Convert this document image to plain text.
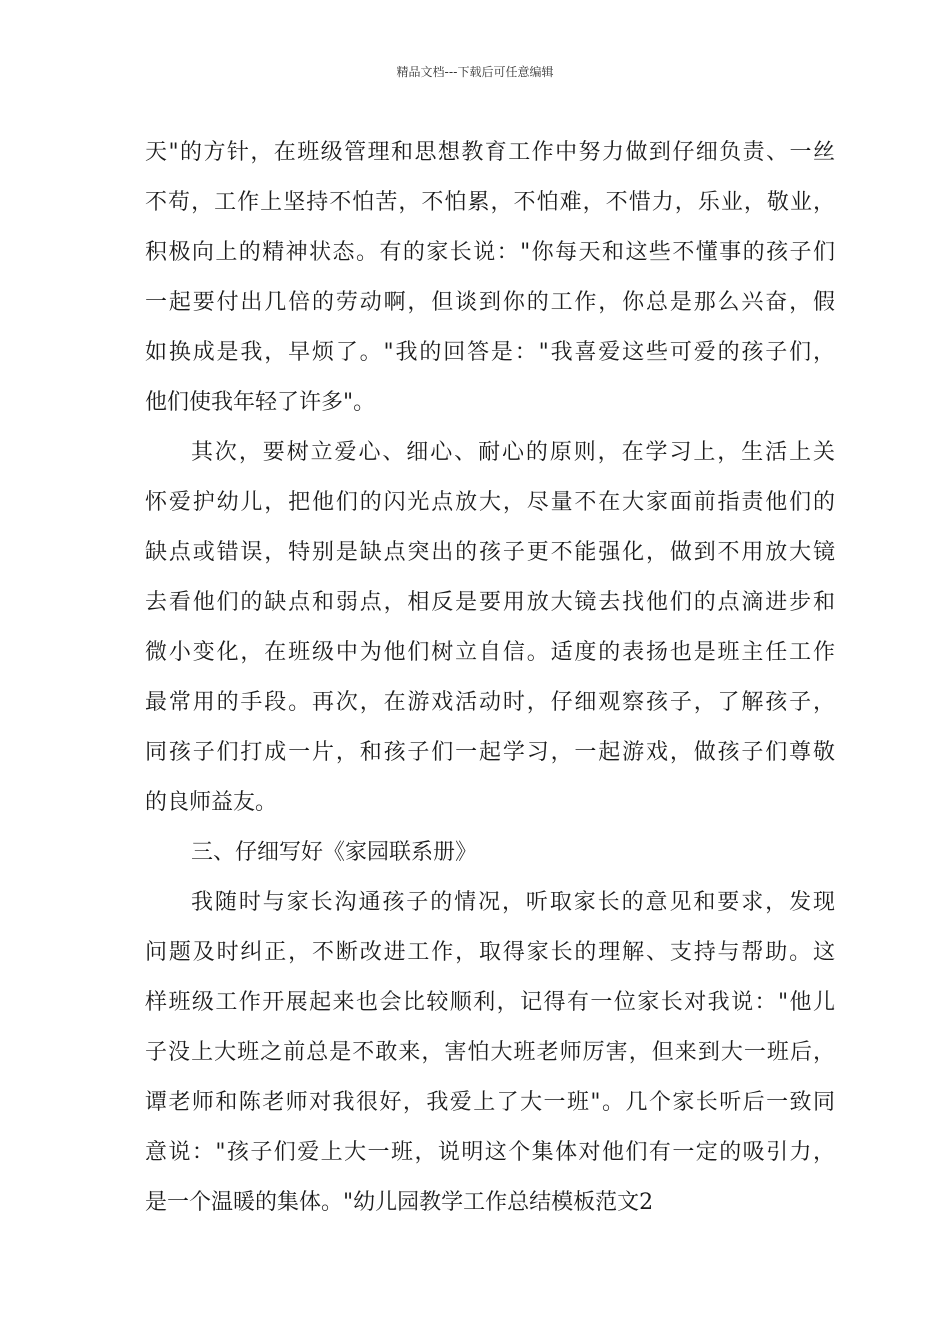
精品文档---下载后可任意编辑
天"的方针，在班级管理和思想教育工作中努力做到仔细负责、一丝
不苟，工作上坚持不怕苦，不怕累，不怕难，不惜力，乐业，敬业，
积极向上的精神状态。有的家长说："你每天和这些不懂事的孩子们
一起要付出几倍的劳动啊，但谈到你的工作，你总是那么兴奋，假
如换成是我，早烦了。"我的回答是："我喜爱这些可爱的孩子们，
他们使我年轻了许多"。
其次，要树立爱心、细心、耐心的原则，在学习上，生活上关
怀爱护幼儿，把他们的闪光点放大，尽量不在大家面前指责他们的
缺点或错误，特别是缺点突出的孩子更不能强化，做到不用放大镜
去看他们的缺点和弱点，相反是要用放大镜去找他们的点滴进步和
微小变化，在班级中为他们树立自信。适度的表扬也是班主任工作
最常用的手段。再次，在游戏活动时，仔细观察孩子，了解孩子，
同孩子们打成一片，和孩子们一起学习，一起游戏，做孩子们尊敬
的良师益友。
三、仔细写好《家园联系册》
我随时与家长沟通孩子的情况，听取家长的意见和要求，发现
问题及时纠正，不断改进工作，取得家长的理解、支持与帮助。这
样班级工作开展起来也会比较顺利，记得有一位家长对我说："他儿
子没上大班之前总是不敢来，害怕大班老师厉害，但来到大一班后，
谭老师和陈老师对我很好，我爱上了大一班"。几个家长听后一致同
意说："孩子们爱上大一班，说明这个集体对他们有一定的吸引力，
是一个温暖的集体。"幼儿园教学工作总结模板范文2
